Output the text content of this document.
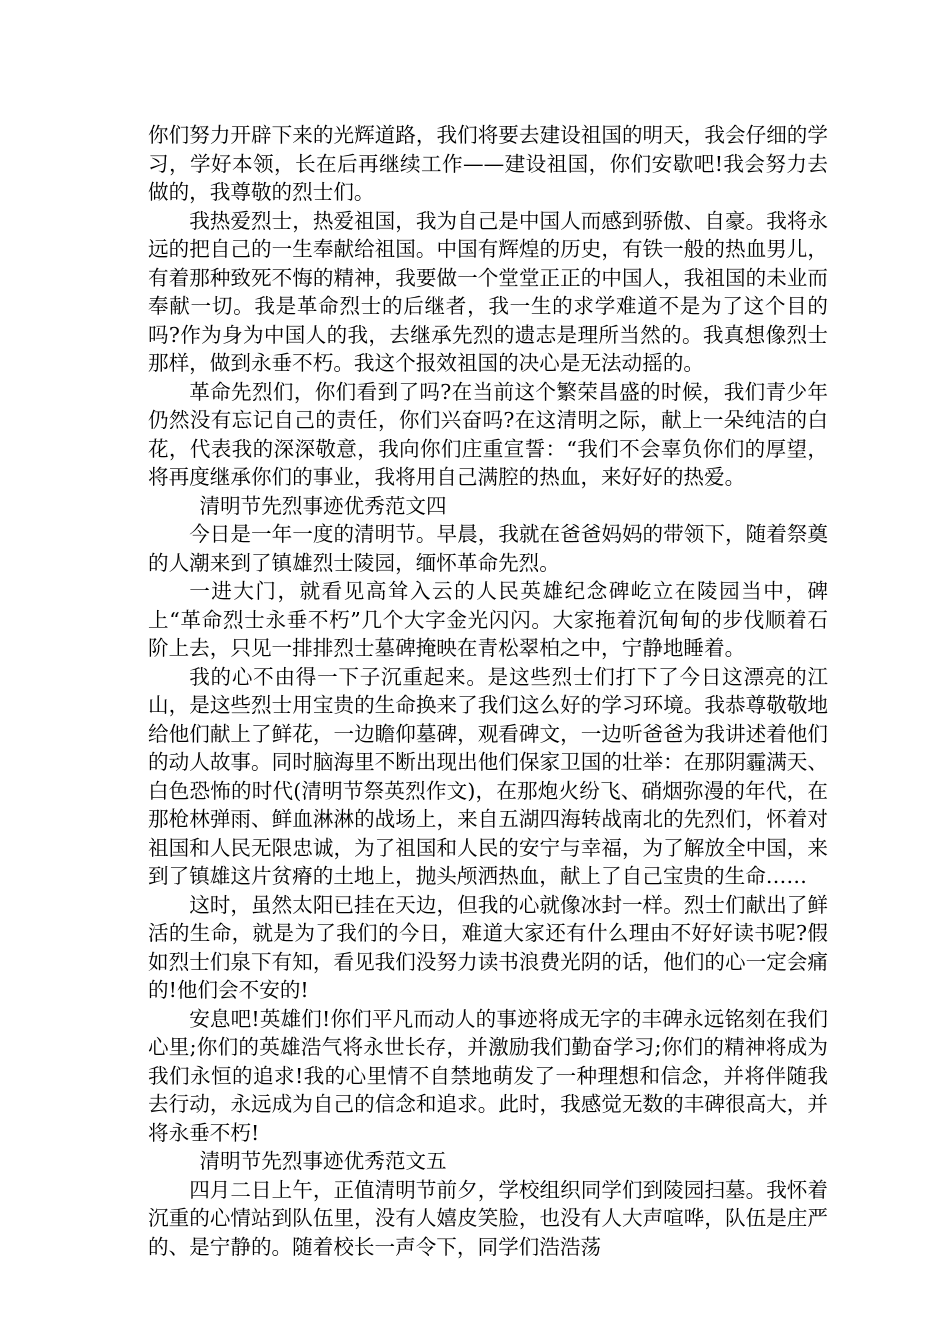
你们努力开辟下来的光辉道路，我们将要去建设祖国的明天，我会仔细的学习，学好本领，长在后再继续工作——建设祖国，你们安歇吧!我会努力去做的，我尊敬的烈士们。

我热爱烈士，热爱祖国，我为自己是中国人而感到骄傲、自豪。我将永远的把自己的一生奉献给祖国。中国有辉煌的历史，有铁一般的热血男儿，有着那种致死不悔的精神，我要做一个堂堂正正的中国人，我祖国的未业而奉献一切。我是革命烈士的后继者，我一生的求学难道不是为了这个目的吗?作为身为中国人的我，去继承先烈的遗志是理所当然的。我真想像烈士那样，做到永垂不朽。我这个报效祖国的决心是无法动摇的。

革命先烈们，你们看到了吗?在当前这个繁荣昌盛的时候，我们青少年仍然没有忘记自己的责任，你们兴奋吗?在这清明之际，献上一朵纯洁的白花，代表我的深深敬意，我向你们庄重宣誓：“我们不会辜负你们的厚望，将再度继承你们的事业，我将用自己满腔的热血，来好好的热爱。

清明节先烈事迹优秀范文四

今日是一年一度的清明节。早晨，我就在爸爸妈妈的带领下，随着祭奠的人潮来到了镇雄烈士陵园，缅怀革命先烈。

一进大门，就看见高耸入云的人民英雄纪念碑屹立在陵园当中，碑上“革命烈士永垂不朽”几个大字金光闪闪。大家拖着沉甸甸的步伐顺着石阶上去，只见一排排烈士墓碑掩映在青松翠柏之中，宁静地睡着。

我的心不由得一下子沉重起来。是这些烈士们打下了今日这漂亮的江山，是这些烈士用宝贵的生命换来了我们这么好的学习环境。我恭尊敬敬地给他们献上了鲜花，一边瞻仰墓碑，观看碑文，一边听爸爸为我讲述着他们的动人故事。同时脑海里不断出现出他们保家卫国的壮举：在那阴霾满天、白色恐怖的时代(清明节祭英烈作文)，在那炮火纷飞、硝烟弥漫的年代，在那枪林弹雨、鲜血淋淋的战场上，来自五湖四海转战南北的先烈们，怀着对祖国和人民无限忠诚，为了祖国和人民的安宁与幸福，为了解放全中国，来到了镇雄这片贫瘠的土地上，抛头颅洒热血，献上了自己宝贵的生命……

这时，虽然太阳已挂在天边，但我的心就像冰封一样。烈士们献出了鲜活的生命，就是为了我们的今日，难道大家还有什么理由不好好读书呢?假如烈士们泉下有知，看见我们没努力读书浪费光阴的话，他们的心一定会痛的!他们会不安的!

安息吧!英雄们!你们平凡而动人的事迹将成无字的丰碑永远铭刻在我们心里;你们的英雄浩气将永世长存，并激励我们勤奋学习;你们的精神将成为我们永恒的追求!我的心里情不自禁地萌发了一种理想和信念，并将伴随我去行动，永远成为自己的信念和追求。此时，我感觉无数的丰碑很高大，并将永垂不朽!

清明节先烈事迹优秀范文五

四月二日上午，正值清明节前夕，学校组织同学们到陵园扫墓。我怀着沉重的心情站到队伍里，没有人嬉皮笑脸，也没有人大声喧哗，队伍是庄严的、是宁静的。随着校长一声令下，同学们浩浩荡
